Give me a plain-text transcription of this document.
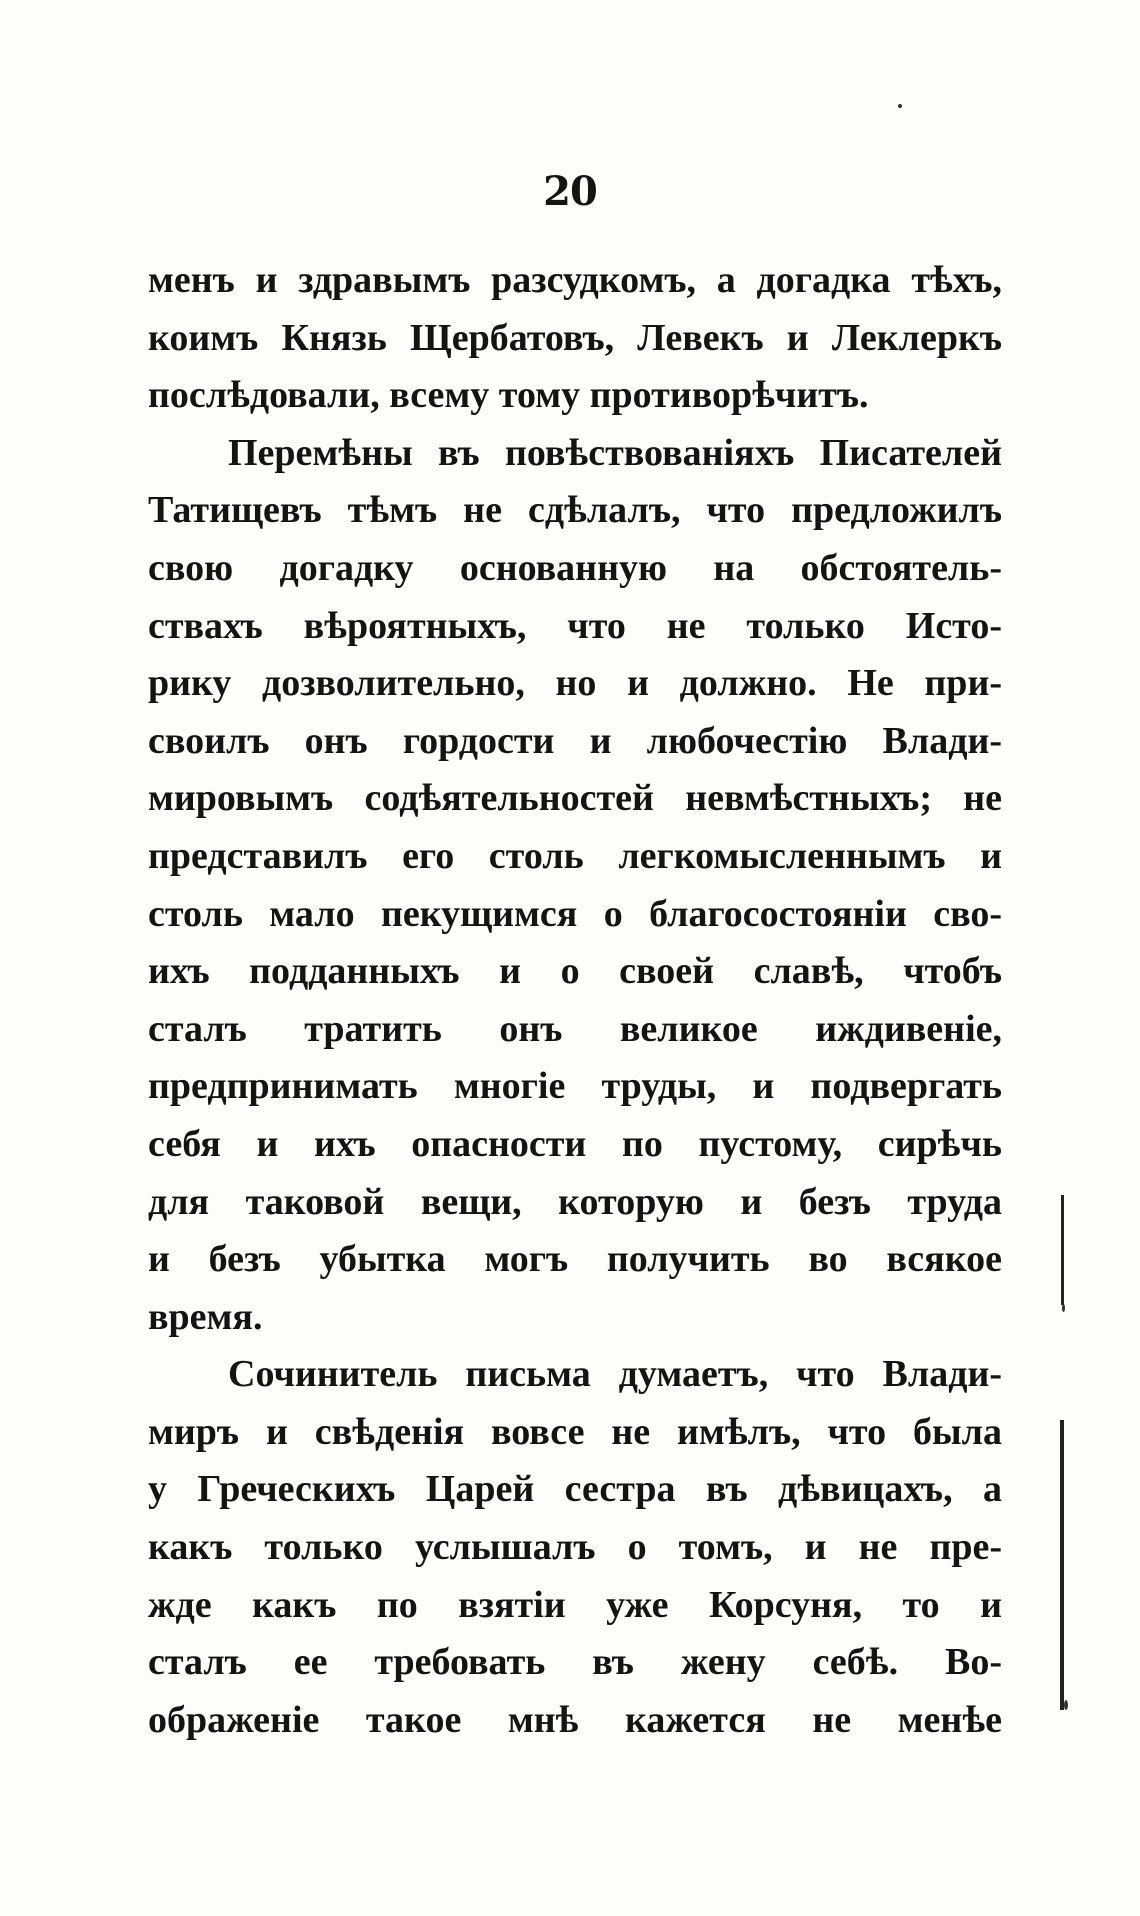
20
менъ и здравымъ разсудкомъ, а догадка тѣхъ,
коимъ Князь Щербатовъ, Левекъ и Леклеркъ
послѣдовали, всему тому противорѣчитъ.
Перемѣны въ повѣствованiяхъ Писателей
Татищевъ тѣмъ не сдѣлалъ, что предложилъ
свою догадку основанную на обстоятель-
ствахъ вѣроятныхъ, что не только Исто-
рику дозволительно, но и должно. Не при-
своилъ онъ гордости и любочестiю Влади-
мировымъ содѣятельностей невмѣстныхъ; не
представилъ его столь легкомысленнымъ и
столь мало пекущимся о благосостоянiи сво-
ихъ подданныхъ и о своей славѣ, чтобъ
сталъ тратить онъ великое иждивенiе,
предпринимать многiе труды, и подвергать
себя и ихъ опасности по пустому, сирѣчь
для таковой вещи, которую и безъ труда
и безъ убытка могъ получить во всякое
время.
Сочинитель письма думаетъ, что Влади-
миръ и свѣденiя вовсе не имѣлъ, что была
у Греческихъ Царей сестра въ дѣвицахъ, а
какъ только услышалъ о томъ, и не пре-
жде какъ по взятiи уже Корсуня, то и
сталъ ее требовать въ жену себѣ. Во-
ображенiе такое мнѣ кажется не менѣе
